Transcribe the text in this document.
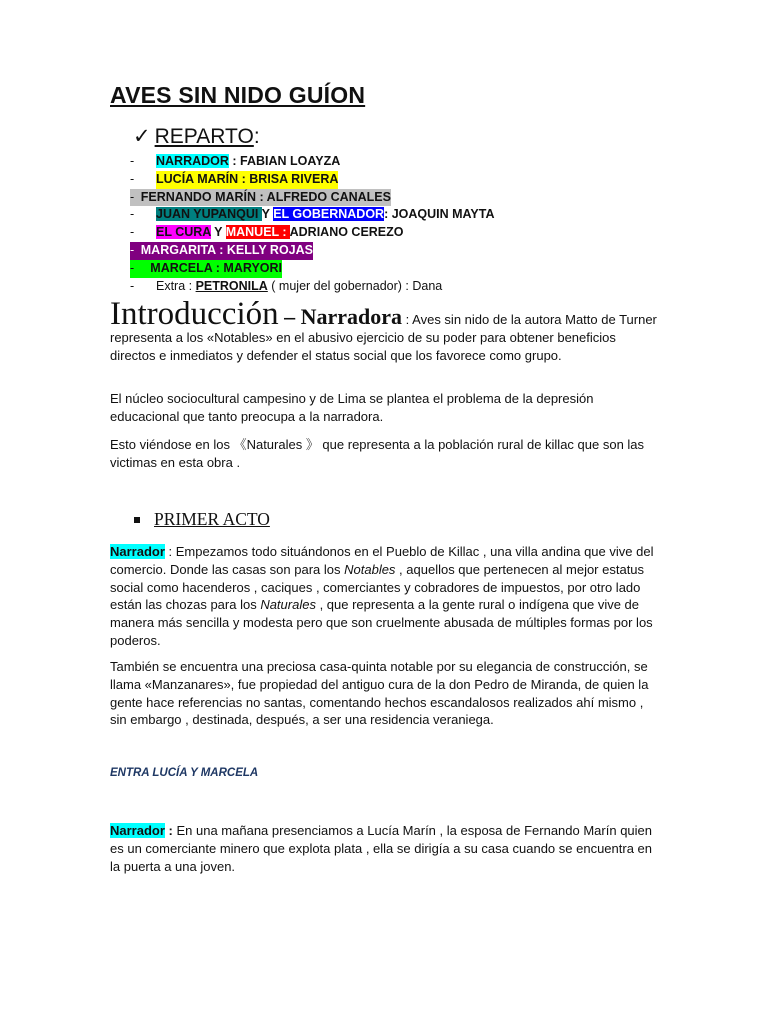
AVES SIN NIDO GUÍON
✓ REPARTO :
-	NARRADOR : FABIAN LOAYZA
-	LUCÍA MARÍN : BRISA RIVERA
- FERNANDO MARÍN : ALFREDO CANALES
-	JUAN YUPANQUI Y EL GOBERNADOR: JOAQUIN MAYTA
-	EL CURA Y MANUEL : ADRIANO CEREZO
- MARGARITA : KELLY ROJAS
-	MARCELA : MARYORI
-	Extra : PETRONILA ( mujer del gobernador) : Dana

Introducción – Narradora : Aves sin nido de la autora Matto de Turner representa a los «Notables» en el abusivo ejercicio de su poder para obtener beneficios directos e inmediatos y defender el status social que los favorece como grupo.

El núcleo sociocultural campesino y de Lima se plantea el problema de la depresión educacional que tanto preocupa a la narradora.

Esto viéndose en los 《Naturales 》 que representa a la población rural de killac que son las victimas en esta obra .

PRIMER ACTO

Narrador : Empezamos todo situándonos en el Pueblo de Killac , una villa andina que vive del comercio. Donde las casas son para los Notables , aquellos que pertenecen al mejor estatus social como hacenderos , caciques , comerciantes y cobradores de impuestos, por otro lado están las chozas para los Naturales , que representa a la gente rural o indígena que vive de manera más sencilla y modesta pero que son cruelmente abusada de múltiples formas por los poderos.

También se encuentra una preciosa casa-quinta notable por su elegancia de construcción, se llama «Manzanares», fue propiedad del antiguo cura de la don Pedro de Miranda, de quien la gente hace referencias no santas, comentando hechos escandalosos realizados ahí mismo , sin embargo , destinada, después, a ser una residencia veraniega.

ENTRA LUCÍA Y MARCELA

Narrador : En una mañana presenciamos a Lucía Marín , la esposa de Fernando Marín quien es un comerciante minero que explota plata , ella se dirigía a su casa cuando se encuentra en la puerta a una joven.
